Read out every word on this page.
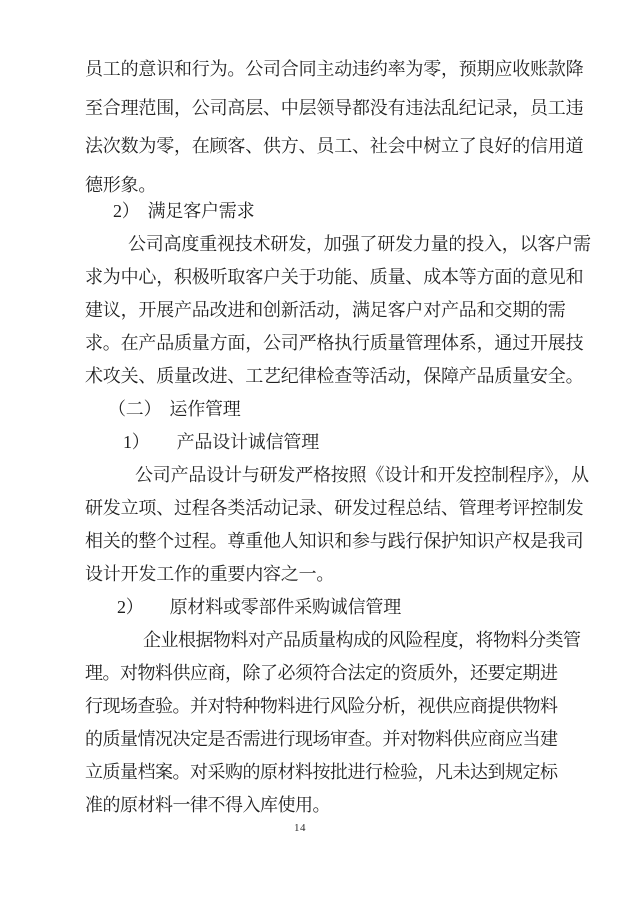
员工的意识和行为。公司合同主动违约率为零，预期应收账款降
至合理范围，公司高层、中层领导都没有违法乱纪记录，员工违
法次数为零，在顾客、供方、员工、社会中树立了良好的信用道
德形象。
2） 满足客户需求
公司高度重视技术研发，加强了研发力量的投入，以客户需
求为中心，积极听取客户关于功能、质量、成本等方面的意见和
建议，开展产品改进和创新活动，满足客户对产品和交期的需
求。在产品质量方面，公司严格执行质量管理体系，通过开展技
术攻关、质量改进、工艺纪律检查等活动，保障产品质量安全。
（二） 运作管理
1） 产品设计诚信管理
公司产品设计与研发严格按照《设计和开发控制程序》，从
研发立项、过程各类活动记录、研发过程总结、管理考评控制发
相关的整个过程。尊重他人知识和参与践行保护知识产权是我司
设计开发工作的重要内容之一。
2） 原材料或零部件采购诚信管理
企业根据物料对产品质量构成的风险程度，将物料分类管
理。对物料供应商，除了必须符合法定的资质外，还要定期进
行现场查验。并对特种物料进行风险分析，视供应商提供物料
的质量情况决定是否需进行现场审查。并对物料供应商应当建
立质量档案。对采购的原材料按批进行检验，凡未达到规定标
准的原材料一律不得入库使用。
14
